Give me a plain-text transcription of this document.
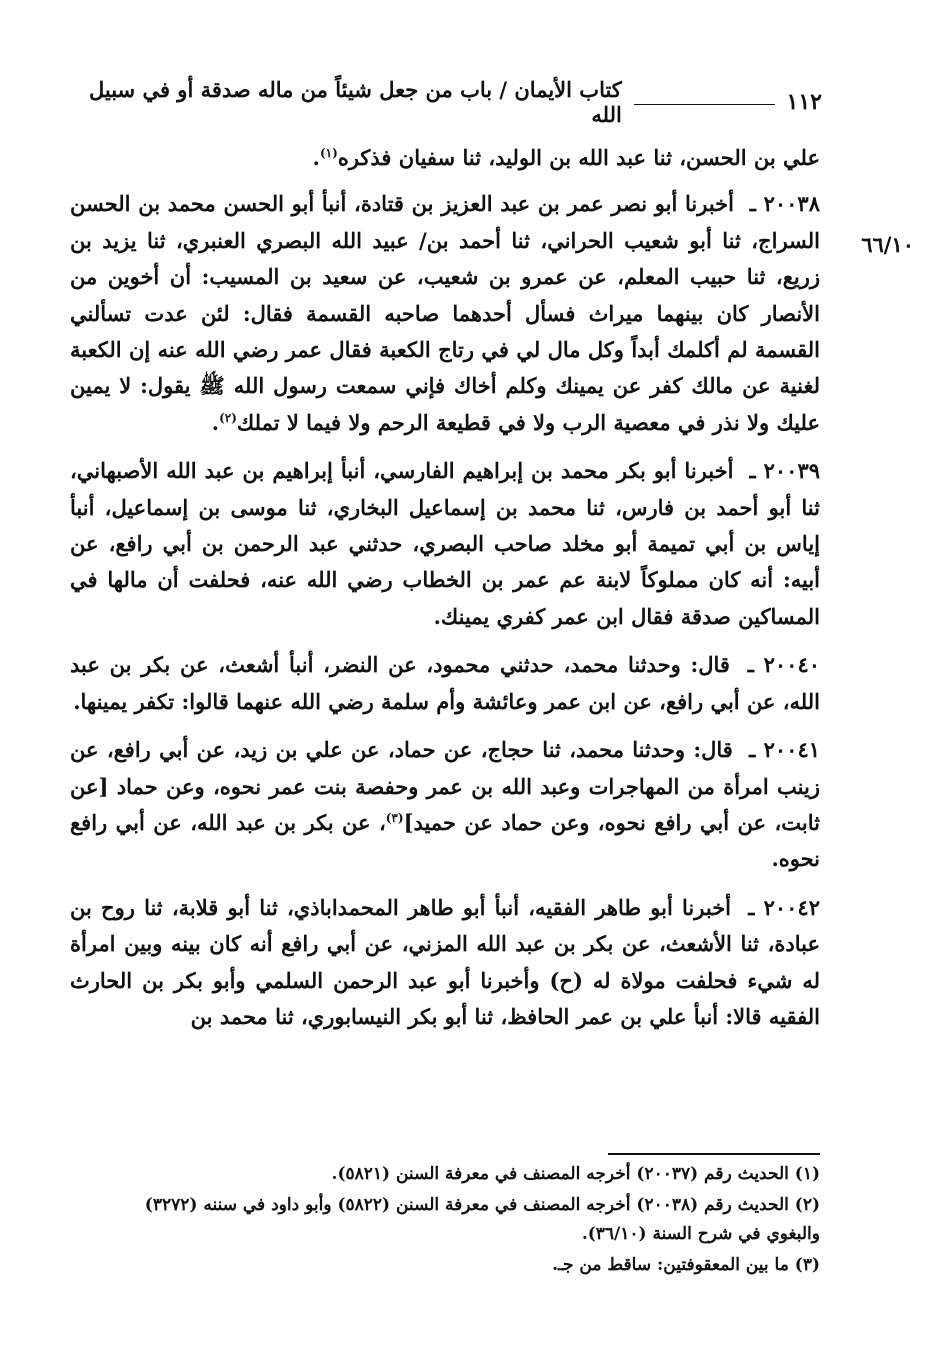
١١٢
كتاب الأيمان / باب من جعل شيئاً من ماله صدقة أو في سبيل الله
٦٦/١٠

علي بن الحسن، ثنا عبد الله بن الوليد، ثنا سفيان فذكره$^{(١)}$.

٢٠٠٣٨ ـ أخبرنا أبو نصر عمر بن عبد العزيز بن قتادة، أنبأ أبو الحسن محمد بن الحسن السراج، ثنا أبو شعيب الحراني، ثنا أحمد بن/ عبيد الله البصري العنبري، ثنا يزيد بن زريع، ثنا حبيب المعلم، عن عمرو بن شعيب، عن سعيد بن المسيب: أن أخوين من الأنصار كان بينهما ميراث فسأل أحدهما صاحبه القسمة فقال: لئن عدت تسألني القسمة لم أكلمك أبداً وكل مال لي في رتاج الكعبة فقال عمر رضي الله عنه إن الكعبة لغنية عن مالك كفر عن يمينك وكلم أخاك فإني سمعت رسول الله ﷺ يقول: لا يمين عليك ولا نذر في معصية الرب ولا في قطيعة الرحم ولا فيما لا تملك$^{(٢)}$.

٢٠٠٣٩ ـ أخبرنا أبو بكر محمد بن إبراهيم الفارسي، أنبأ إبراهيم بن عبد الله الأصبهاني، ثنا أبو أحمد بن فارس، ثنا محمد بن إسماعيل البخاري، ثنا موسى بن إسماعيل، أنبأ إياس بن أبي تميمة أبو مخلد صاحب البصري، حدثني عبد الرحمن بن أبي رافع، عن أبيه: أنه كان مملوكاً لابنة عم عمر بن الخطاب رضي الله عنه، فحلفت أن مالها في المساكين صدقة فقال ابن عمر كفري يمينك.

٢٠٠٤٠ ـ قال: وحدثنا محمد، حدثني محمود، عن النضر، أنبأ أشعث، عن بكر بن عبد الله، عن أبي رافع، عن ابن عمر وعائشة وأم سلمة رضي الله عنهما قالوا: تكفر يمينها.

٢٠٠٤١ ـ قال: وحدثنا محمد، ثنا حجاج، عن حماد، عن علي بن زيد، عن أبي رافع، عن زينب امرأة من المهاجرات وعبد الله بن عمر وحفصة بنت عمر نحوه، وعن حماد [عن ثابت، عن أبي رافع نحوه، وعن حماد عن حميد]$^{(٣)}$، عن بكر بن عبد الله، عن أبي رافع نحوه.

٢٠٠٤٢ ـ أخبرنا أبو طاهر الفقيه، أنبأ أبو طاهر المحمداباذي، ثنا أبو قلابة، ثنا روح بن عبادة، ثنا الأشعث، عن بكر بن عبد الله المزني، عن أبي رافع أنه كان بينه وبين امرأة له شيء فحلفت مولاة له (ح) وأخبرنا أبو عبد الرحمن السلمي وأبو بكر بن الحارث الفقيه قالا: أنبأ علي بن عمر الحافظ، ثنا أبو بكر النيسابوري، ثنا محمد بن

(١) الحديث رقم (٢٠٠٣٧) أخرجه المصنف في معرفة السنن (٥٨٢١).
(٢) الحديث رقم (٢٠٠٣٨) أخرجه المصنف في معرفة السنن (٥٨٢٢) وأبو داود في سننه (٣٢٧٢)
والبغوي في شرح السنة (٣٦/١٠).
(٣) ما بين المعقوفتين: ساقط من جـ.
